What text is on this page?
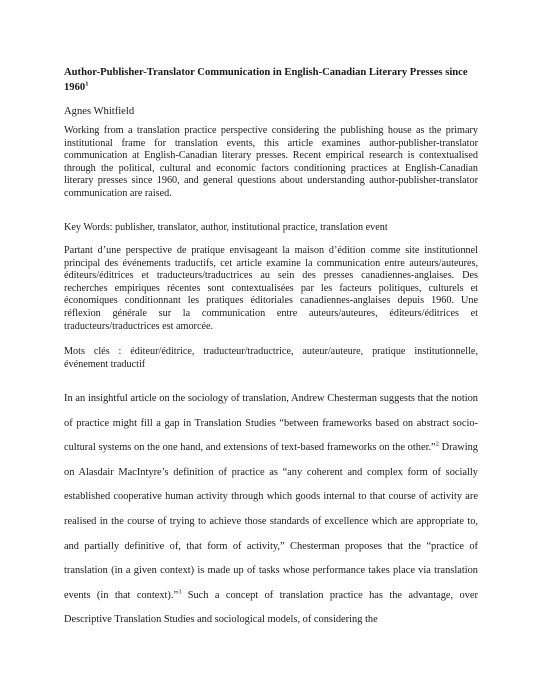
Author-Publisher-Translator Communication in English-Canadian Literary Presses since 1960$^1$

Agnes Whitfield

Working from a translation practice perspective considering the publishing house as the primary institutional frame for translation events, this article examines author-publisher-translator communication at English-Canadian literary presses. Recent empirical research is contextualised through the political, cultural and economic factors conditioning practices at English-Canadian literary presses since 1960, and general questions about understanding author-publisher-translator communication are raised.

Key Words: publisher, translator, author, institutional practice, translation event

Partant d’une perspective de pratique envisageant la maison d’édition comme site institutionnel principal des événements traductifs, cet article examine la communication entre auteurs/auteures, éditeurs/éditrices et traducteurs/traductrices au sein des presses canadiennes-anglaises. Des recherches empiriques récentes sont contextualisées par les facteurs politiques, culturels et économiques conditionnant les pratiques éditoriales canadiennes-anglaises depuis 1960. Une réflexion générale sur la communication entre auteurs/auteures, éditeurs/éditrices et traducteurs/traductrices est amorcée.

Mots clés : éditeur/éditrice, traducteur/traductrice, auteur/auteure, pratique institutionnelle, événement traductif

In an insightful article on the sociology of translation, Andrew Chesterman suggests that the notion of practice might fill a gap in Translation Studies “between frameworks based on abstract socio-cultural systems on the one hand, and extensions of text-based frameworks on the other.”$^2$ Drawing on Alasdair MacIntyre’s definition of practice as “any coherent and complex form of socially established cooperative human activity through which goods internal to that course of activity are realised in the course of trying to achieve those standards of excellence which are appropriate to, and partially definitive of, that form of activity,” Chesterman proposes that the “practice of translation (in a given context) is made up of tasks whose performance takes place via translation events (in that context).”$^3$ Such a concept of translation practice has the advantage, over Descriptive Translation Studies and sociological models, of considering the
